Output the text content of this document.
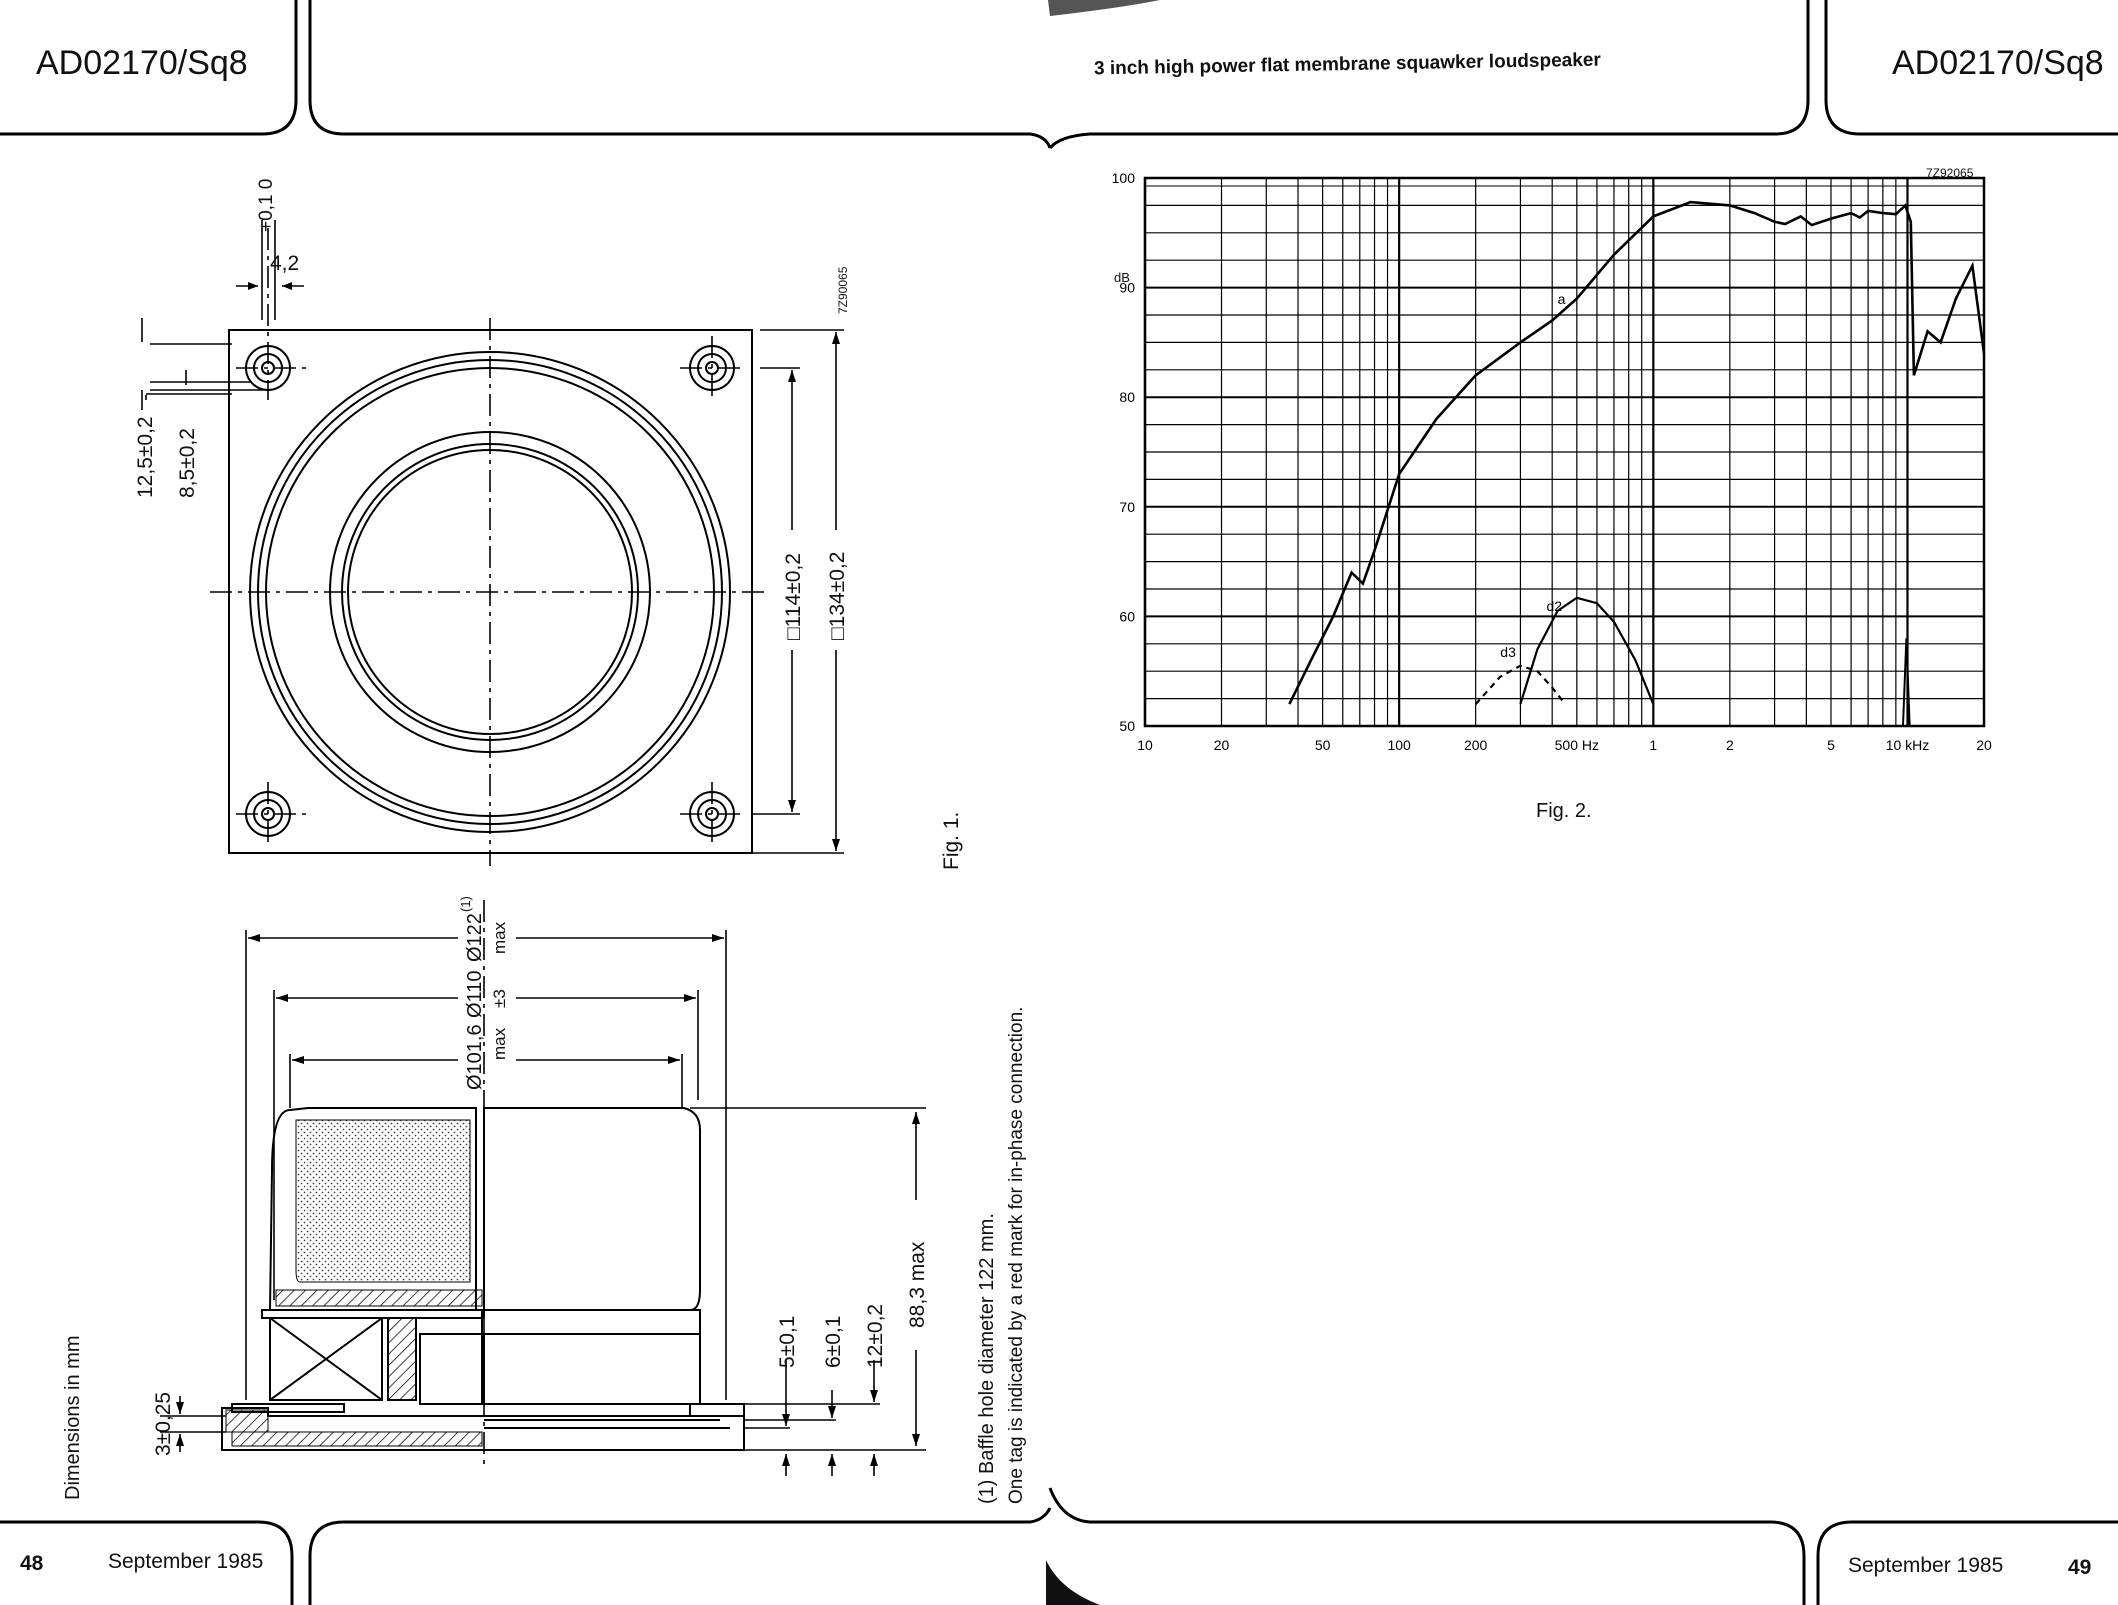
AD02170/Sq8
4,2
+0,1 0
12,5±0,2 8,5±0,2
□114±0,2 □134±0,2
7Z90065
Fig. 1.
Ø101,6 max
Ø110 ±3
Ø122
(1)
max
88,3 max
12±0,2
6±0,1
5±0,1
3±0,25
Dimensions in mm	(1) Baffle hole diameter 122 mm. One tag is indicated by a red mark for in-phase connection.
48	September 1985
3 inch high power flat membrane squawker loudspeaker	AD02170/Sq8
10	20	50	100	200	500 Hz	1	2	5	10 kHz	20
50
60
70
80
90
100
a
d2
d3
7Z92065
dB
Fig. 2.
September 1985	49
